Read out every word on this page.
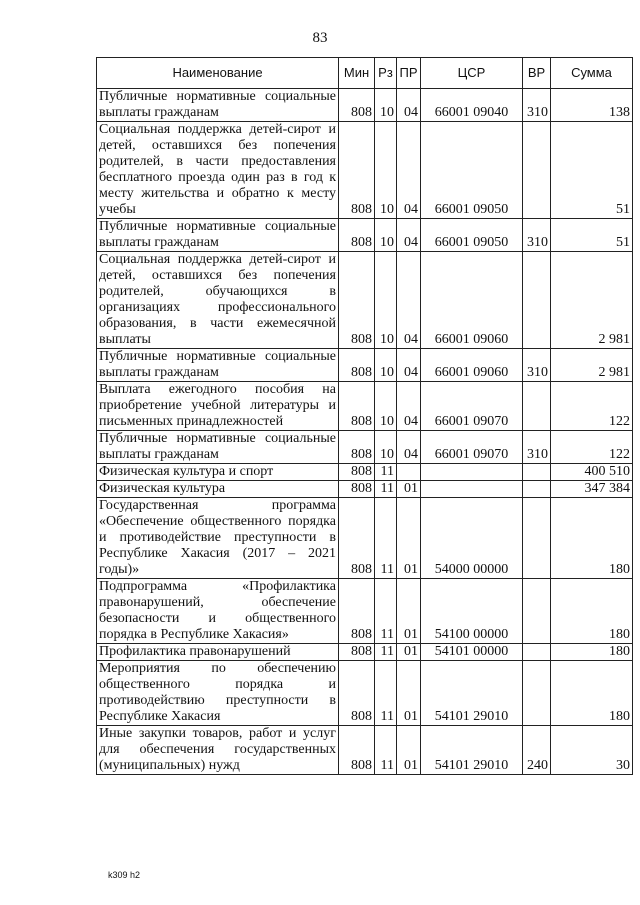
83
Наименование	Мин	Рз	ПР	ЦСР	ВР	Сумма
Публичные нормативные социальные выплаты гражданам	808	10	04	66001 09040	310	138
Социальная поддержка детей-сирот и детей, оставшихся без попечения родителей, в части предоставления бесплатного проезда один раз в год к месту жительства и обратно к месту учебы	808	10	04	66001 09050		51
Публичные нормативные социальные выплаты гражданам	808	10	04	66001 09050	310	51
Социальная поддержка детей-сирот и детей, оставшихся без попечения родителей, обучающихся в организациях профессионального образования, в части ежемесячной выплаты	808	10	04	66001 09060		2 981
Публичные нормативные социальные выплаты гражданам	808	10	04	66001 09060	310	2 981
Выплата ежегодного пособия на приобретение учебной литературы и письменных принадлежностей	808	10	04	66001 09070		122
Публичные нормативные социальные выплаты гражданам	808	10	04	66001 09070	310	122
Физическая культура и спорт	808	11				400 510
Физическая культура	808	11	01			347 384
Государственная программа «Обеспечение общественного порядка и противодействие преступности в Республике Хакасия (2017 – 2021 годы)»	808	11	01	54000 00000		180
Подпрограмма «Профилактика правонарушений, обеспечение безопасности и общественного порядка в Республике Хакасия»	808	11	01	54100 00000		180
Профилактика правонарушений	808	11	01	54101 00000		180
Мероприятия по обеспечению общественного порядка и противодействию преступности в Республике Хакасия	808	11	01	54101 29010		180
Иные закупки товаров, работ и услуг для обеспечения государственных (муниципальных) нужд	808	11	01	54101 29010	240	30
k309 h2
